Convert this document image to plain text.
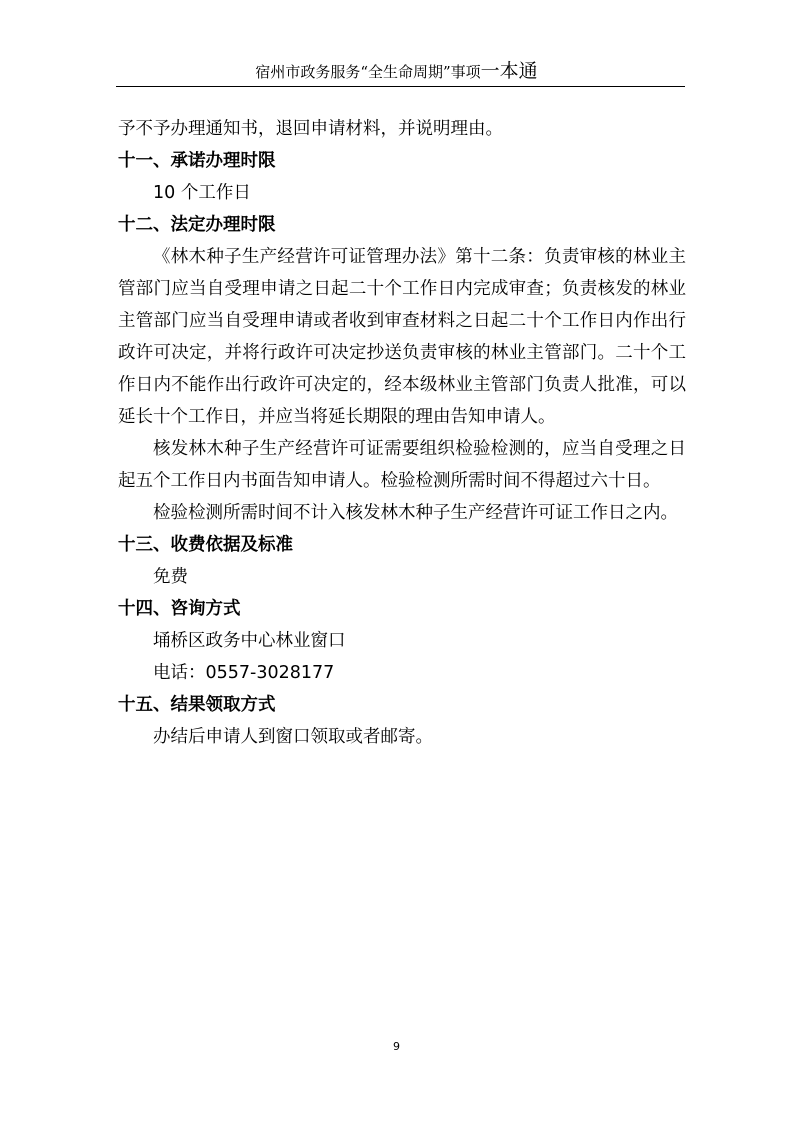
宿州市政务服务“全生命周期”事项一本通

予不予办理通知书，退回申请材料，并说明理由。

十一、承诺办理时限

10 个工作日

十二、法定办理时限

《林木种子生产经营许可证管理办法》第十二条：负责审核的林业主管部门应当自受理申请之日起二十个工作日内完成审查；负责核发的林业主管部门应当自受理申请或者收到审查材料之日起二十个工作日内作出行政许可决定，并将行政许可决定抄送负责审核的林业主管部门。二十个工作日内不能作出行政许可决定的，经本级林业主管部门负责人批准，可以延长十个工作日，并应当将延长期限的理由告知申请人。

核发林木种子生产经营许可证需要组织检验检测的，应当自受理之日起五个工作日内书面告知申请人。检验检测所需时间不得超过六十日。

检验检测所需时间不计入核发林木种子生产经营许可证工作日之内。

十三、收费依据及标准

免费

十四、咨询方式

埇桥区政务中心林业窗口

电话：0557-3028177

十五、结果领取方式

办结后申请人到窗口领取或者邮寄。

9
